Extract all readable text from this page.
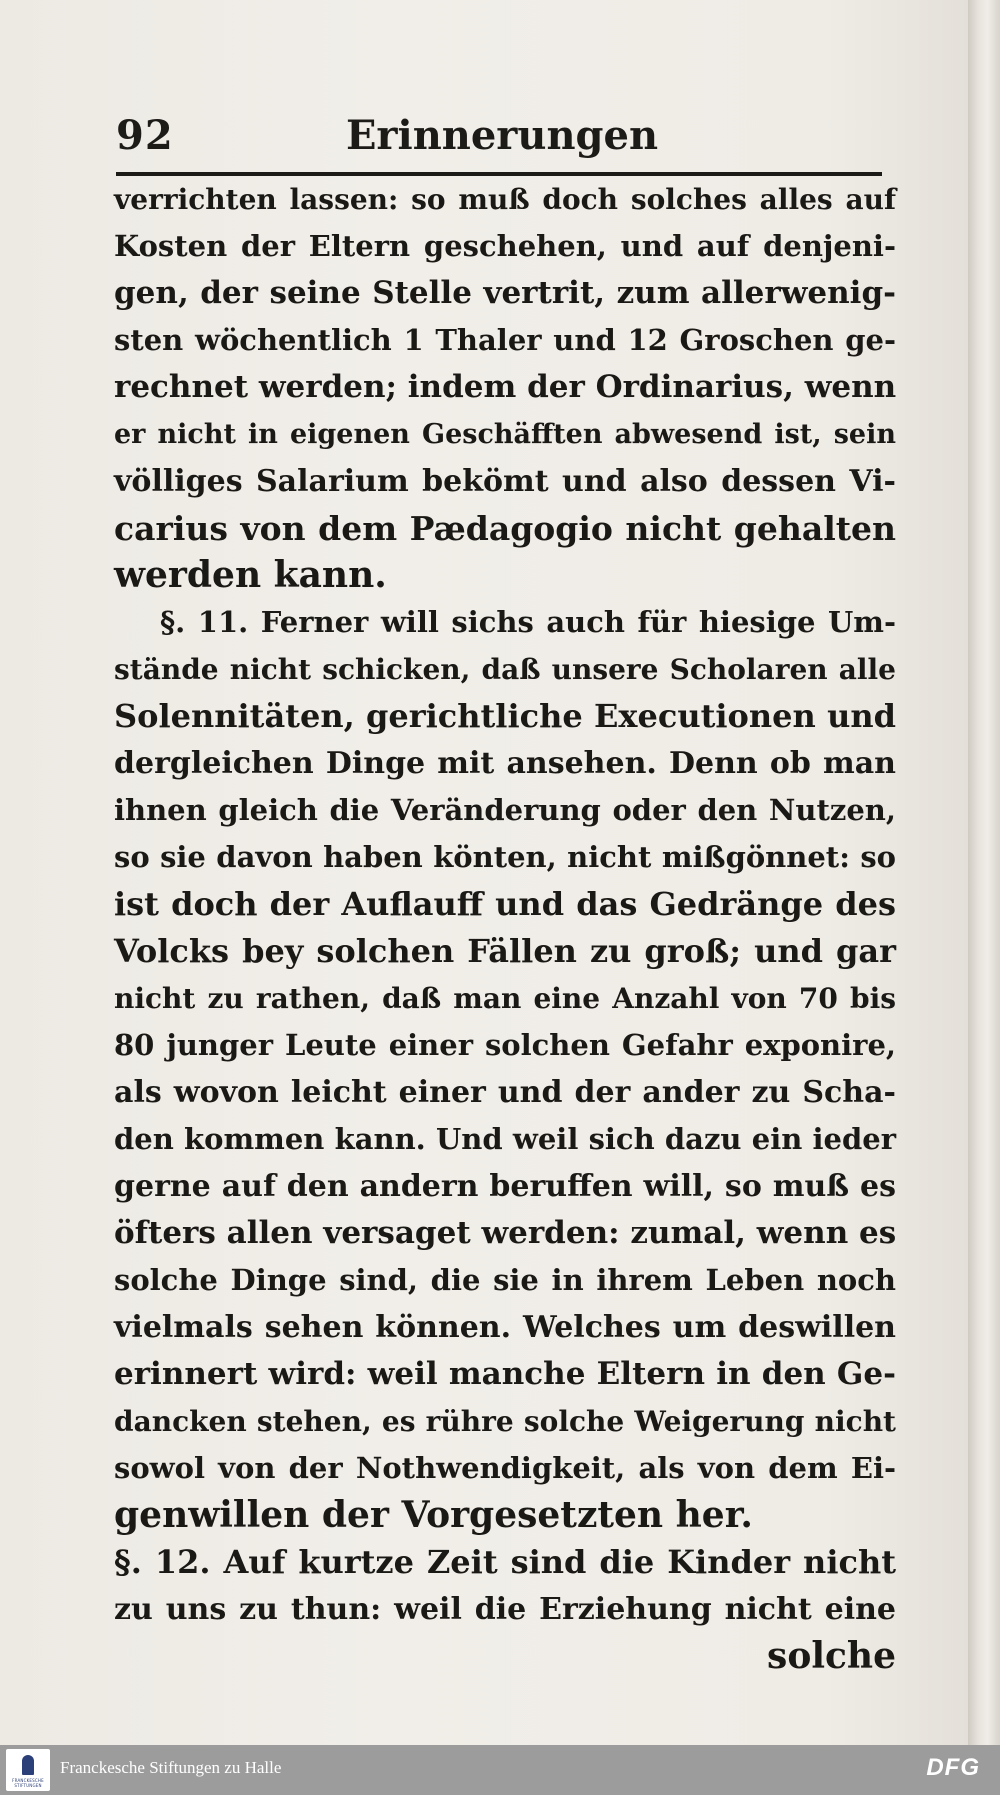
92	Erinnerungen
verrichten lassen: so muß doch solches alles auf
Kosten der Eltern geschehen, und auf denjeni-
gen, der seine Stelle vertrit, zum allerwenig-
sten wöchentlich 1 Thaler und 12 Groschen ge-
rechnet werden; indem der Ordinarius, wenn
er nicht in eigenen Geschäfften abwesend ist, sein
völliges Salarium bekömt und also dessen Vi-
carius von dem Pædagogio nicht gehalten
werden kann.
§. 11. Ferner will sichs auch für hiesige Um-
stände nicht schicken, daß unsere Scholaren alle
Solennitäten, gerichtliche Executionen und
dergleichen Dinge mit ansehen. Denn ob man
ihnen gleich die Veränderung oder den Nutzen,
so sie davon haben könten, nicht mißgönnet: so
ist doch der Auflauff und das Gedränge des
Volcks bey solchen Fällen zu groß; und gar
nicht zu rathen, daß man eine Anzahl von 70 bis
80 junger Leute einer solchen Gefahr exponire,
als wovon leicht einer und der ander zu Scha-
den kommen kann. Und weil sich dazu ein ieder
gerne auf den andern beruffen will, so muß es
öfters allen versaget werden: zumal, wenn es
solche Dinge sind, die sie in ihrem Leben noch
vielmals sehen können. Welches um deswillen
erinnert wird: weil manche Eltern in den Ge-
dancken stehen, es rühre solche Weigerung nicht
sowol von der Nothwendigkeit, als von dem Ei-
genwillen der Vorgesetzten her.
§. 12. Auf kurtze Zeit sind die Kinder nicht
zu uns zu thun: weil die Erziehung nicht eine
solche
FRANCKESCHE STIFTUNGEN
Franckesche Stiftungen zu Halle	DFG
